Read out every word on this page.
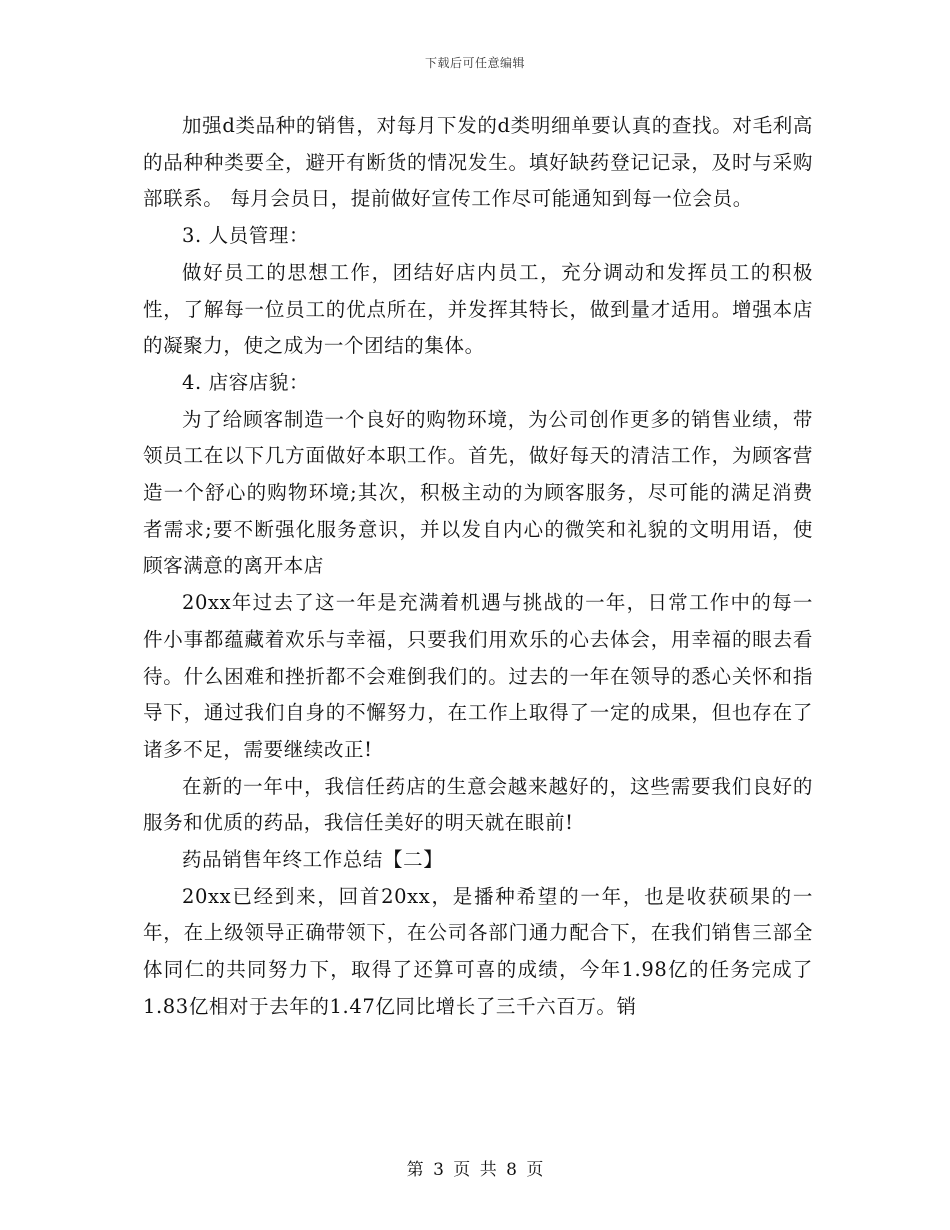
下载后可任意编辑

加强d类品种的销售，对每月下发的d类明细单要认真的查找。对毛利高的品种种类要全，避开有断货的情况发生。填好缺药登记记录，及时与采购部联系。 每月会员日，提前做好宣传工作尽可能通知到每一位会员。

3. 人员管理：

做好员工的思想工作，团结好店内员工，充分调动和发挥员工的积极性，了解每一位员工的优点所在，并发挥其特长，做到量才适用。增强本店的凝聚力，使之成为一个团结的集体。

4. 店容店貌：

为了给顾客制造一个良好的购物环境，为公司创作更多的销售业绩，带领员工在以下几方面做好本职工作。首先，做好每天的清洁工作，为顾客营造一个舒心的购物环境;其次，积极主动的为顾客服务，尽可能的满足消费者需求;要不断强化服务意识，并以发自内心的微笑和礼貌的文明用语，使顾客满意的离开本店

20xx年过去了这一年是充满着机遇与挑战的一年，日常工作中的每一件小事都蕴藏着欢乐与幸福，只要我们用欢乐的心去体会，用幸福的眼去看待。什么困难和挫折都不会难倒我们的。过去的一年在领导的悉心关怀和指导下，通过我们自身的不懈努力，在工作上取得了一定的成果，但也存在了诸多不足，需要继续改正!

在新的一年中，我信任药店的生意会越来越好的，这些需要我们良好的服务和优质的药品，我信任美好的明天就在眼前!

药品销售年终工作总结【二】

20xx已经到来，回首20xx，是播种希望的一年，也是收获硕果的一年，在上级领导正确带领下，在公司各部门通力配合下，在我们销售三部全体同仁的共同努力下，取得了还算可喜的成绩，今年1.98亿的任务完成了1.83亿相对于去年的1.47亿同比增长了三千六百万。销

第 3 页 共 8 页
